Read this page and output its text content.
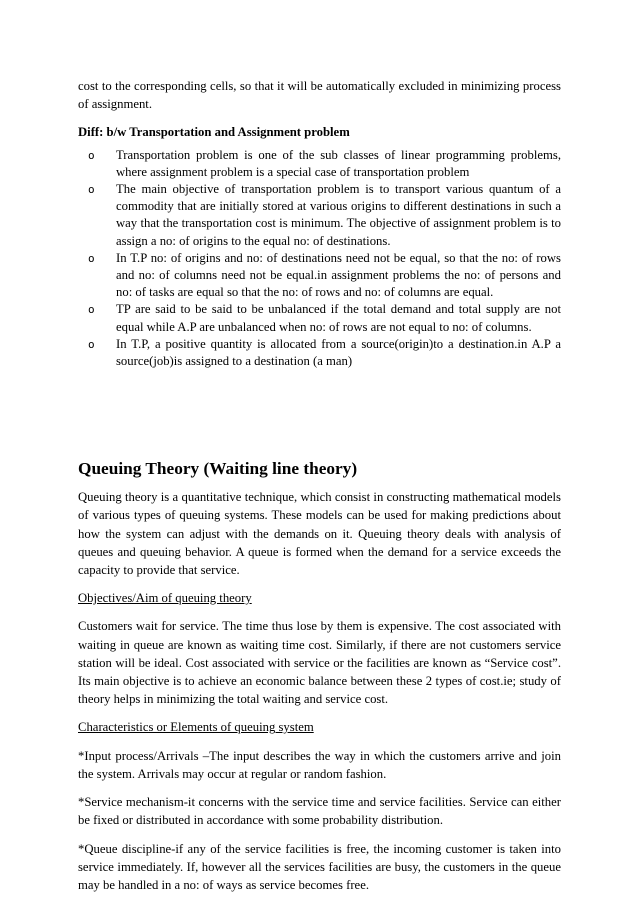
cost to the corresponding cells, so that it will be automatically excluded in minimizing process of assignment.

Diff: b/w Transportation and Assignment problem

o Transportation problem is one of the sub classes of linear programming problems, where assignment problem is a special case of transportation problem
o The main objective of transportation problem is to transport various quantum of a commodity that are initially stored at various origins to different destinations in such a way that the transportation cost is minimum. The objective of assignment problem is to assign a no: of origins to the equal no: of destinations.
o In T.P no: of origins and no: of destinations need not be equal, so that the no: of rows and no: of columns need not be equal.in assignment problems the no: of persons and no: of tasks are equal so that the no: of rows and no: of columns are equal.
o TP are said to be said to be unbalanced if the total demand and total supply are not equal while A.P are unbalanced when no: of rows are not equal to no: of columns.
o In T.P, a positive quantity is allocated from a source(origin)to a destination.in A.P a source(job)is assigned to a destination (a man)
Queuing Theory (Waiting line theory)

Queuing theory is a quantitative technique, which consist in constructing mathematical models of various types of queuing systems. These models can be used for making predictions about how the system can adjust with the demands on it. Queuing theory deals with analysis of queues and queuing behavior. A queue is formed when the demand for a service exceeds the capacity to provide that service.

Objectives/Aim of queuing theory

Customers wait for service. The time thus lose by them is expensive. The cost associated with waiting in queue are known as waiting time cost. Similarly, if there are not customers service station will be ideal. Cost associated with service or the facilities are known as “Service cost”. Its main objective is to achieve an economic balance between these 2 types of cost.ie; study of theory helps in minimizing the total waiting and service cost.

Characteristics or Elements of queuing system

*Input process/Arrivals –The input describes the way in which the customers arrive and join the system. Arrivals may occur at regular or random fashion.

*Service mechanism-it concerns with the service time and service facilities. Service can either be fixed or distributed in accordance with some probability distribution.

*Queue discipline-if any of the service facilities is free, the incoming customer is taken into service immediately. If, however all the services facilities are busy, the customers in the queue may be handled in a no: of ways as service becomes free.
